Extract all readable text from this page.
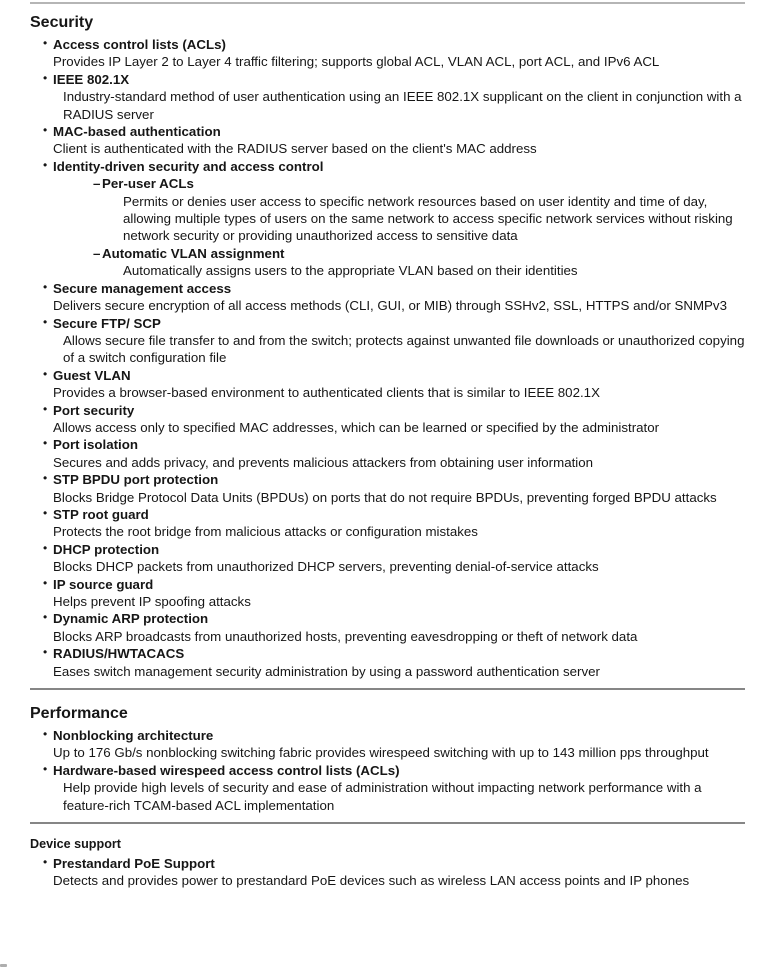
Security
• Access control lists (ACLs)
Provides IP Layer 2 to Layer 4 traffic filtering; supports global ACL, VLAN ACL, port ACL, and IPv6 ACL
• IEEE 802.1X
Industry-standard method of user authentication using an IEEE 802.1X supplicant on the client in conjunction with a RADIUS server
• MAC-based authentication
Client is authenticated with the RADIUS server based on the client's MAC address
• Identity-driven security and access control
– Per-user ACLs
Permits or denies user access to specific network resources based on user identity and time of day, allowing multiple types of users on the same network to access specific network services without risking network security or providing unauthorized access to sensitive data
– Automatic VLAN assignment
Automatically assigns users to the appropriate VLAN based on their identities
• Secure management access
Delivers secure encryption of all access methods (CLI, GUI, or MIB) through SSHv2, SSL, HTTPS and/or SNMPv3
• Secure FTP/ SCP
Allows secure file transfer to and from the switch; protects against unwanted file downloads or unauthorized copying of a switch configuration file
• Guest VLAN
Provides a browser-based environment to authenticated clients that is similar to IEEE 802.1X
• Port security
Allows access only to specified MAC addresses, which can be learned or specified by the administrator
• Port isolation
Secures and adds privacy, and prevents malicious attackers from obtaining user information
• STP BPDU port protection
Blocks Bridge Protocol Data Units (BPDUs) on ports that do not require BPDUs, preventing forged BPDU attacks
• STP root guard
Protects the root bridge from malicious attacks or configuration mistakes
• DHCP protection
Blocks DHCP packets from unauthorized DHCP servers, preventing denial-of-service attacks
• IP source guard
Helps prevent IP spoofing attacks
• Dynamic ARP protection
Blocks ARP broadcasts from unauthorized hosts, preventing eavesdropping or theft of network data
• RADIUS/HWTACACS
Eases switch management security administration by using a password authentication server
Performance
• Nonblocking architecture
Up to 176 Gb/s nonblocking switching fabric provides wirespeed switching with up to 143 million pps throughput
• Hardware-based wirespeed access control lists (ACLs)
Help provide high levels of security and ease of administration without impacting network performance with a feature-rich TCAM-based ACL implementation
Device support
• Prestandard PoE Support
Detects and provides power to prestandard PoE devices such as wireless LAN access points and IP phones
